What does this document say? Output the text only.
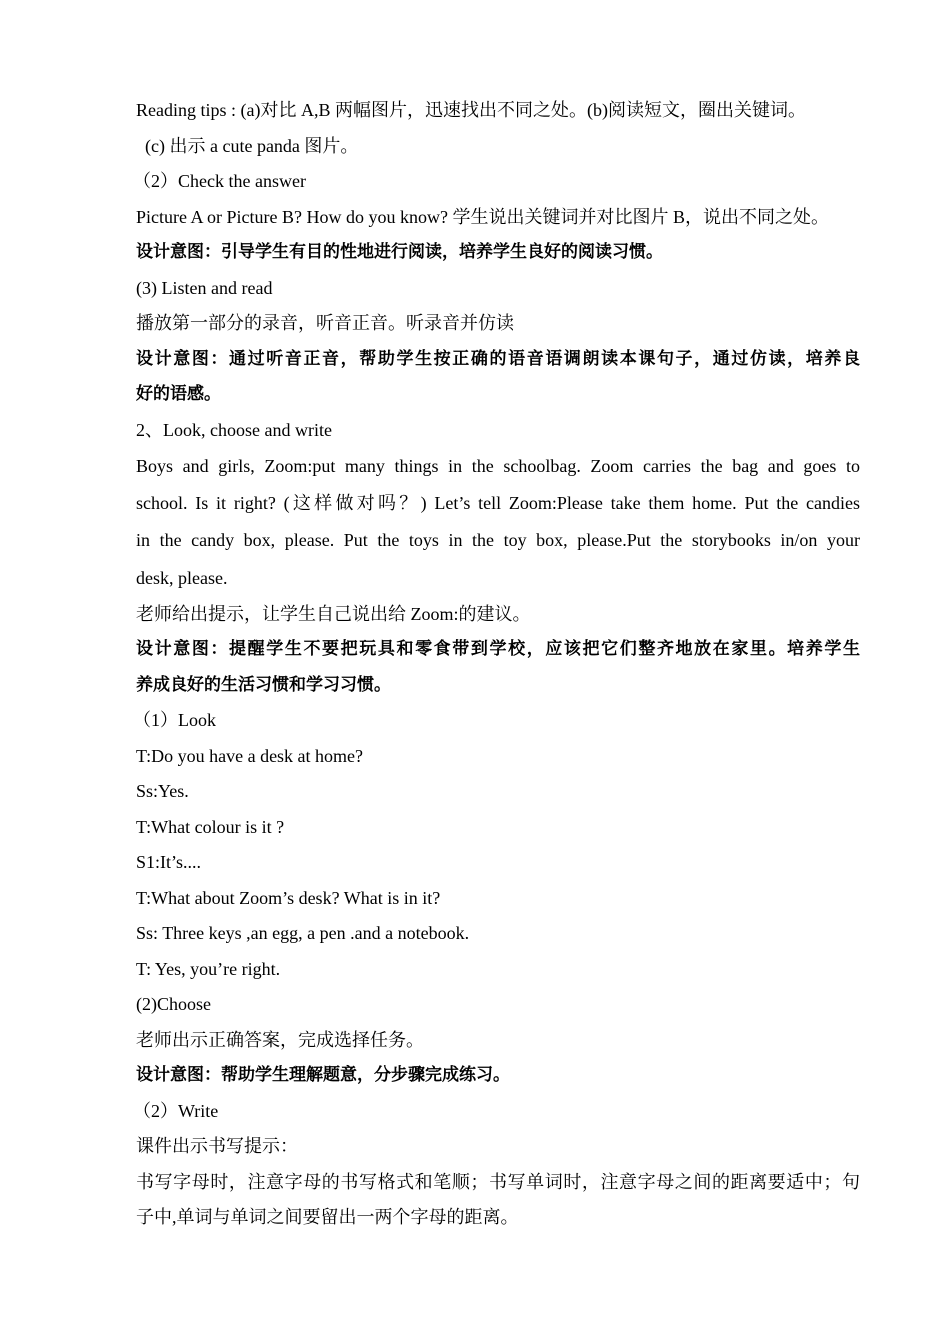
Reading tips : (a)对比 A,B 两幅图片，迅速找出不同之处。(b)阅读短文，圈出关键词。
(c) 出示 a cute panda 图片。
（2）Check the answer
Picture A or Picture B? How do you know? 学生说出关键词并对比图片 B，说出不同之处。
设计意图：引导学生有目的性地进行阅读，培养学生良好的阅读习惯。
(3) Listen and read
播放第一部分的录音，听音正音。听录音并仿读
设计意图：通过听音正音，帮助学生按正确的语音语调朗读本课句子，通过仿读，培养良
好的语感。
2、Look, choose and write
Boys and girls, Zoom:put many things in the schoolbag. Zoom carries the bag and goes to
school. Is it right? (这样做对吗？) Let’s tell Zoom:Please take them home. Put the candies
in the candy box, please. Put the toys in the toy box, please.Put the storybooks in/on your
desk, please.
老师给出提示，让学生自己说出给 Zoom:的建议。
设计意图：提醒学生不要把玩具和零食带到学校，应该把它们整齐地放在家里。培养学生
养成良好的生活习惯和学习习惯。
（1）Look
T:Do you have a desk at home?
Ss:Yes.
T:What colour is it ?
S1:It’s....
T:What about Zoom’s desk? What is in it?
Ss: Three keys ,an egg, a pen .and a notebook.
T: Yes, you’re right.
(2)Choose
老师出示正确答案，完成选择任务。
设计意图：帮助学生理解题意，分步骤完成练习。
（2）Write
课件出示书写提示：
书写字母时，注意字母的书写格式和笔顺；书写单词时，注意字母之间的距离要适中；句
子中,单词与单词之间要留出一两个字母的距离。
